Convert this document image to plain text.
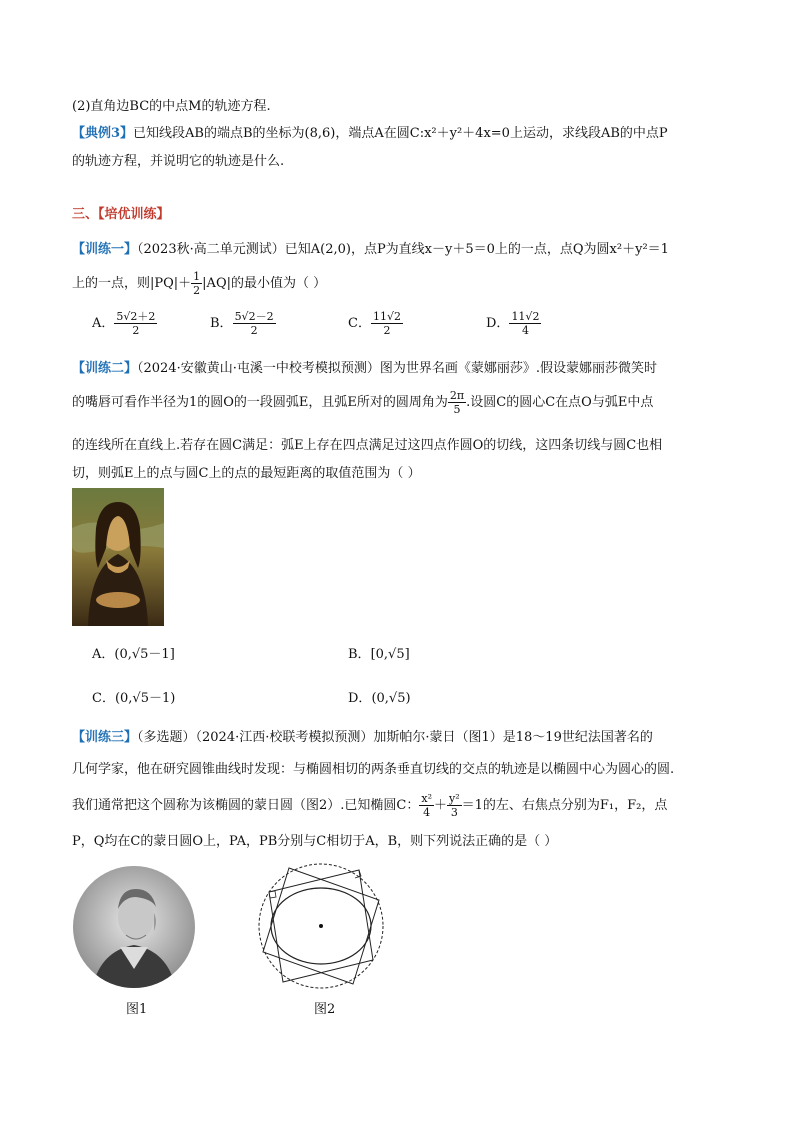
(2)直角边BC的中点M的轨迹方程.
【典例3】已知线段AB的端点B的坐标为(8,6)，端点A在圆C:x²＋y²＋4x=0上运动，求线段AB的中点P
的轨迹方程，并说明它的轨迹是什么.
三、【培优训练】
【训练一】（2023秋·高二单元测试）已知A(2,0)，点P为直线x－y＋5＝0上的一点，点Q为圆x²＋y²＝1
上的一点，则$|PQ|+ \frac{1}{2} |AQ|$的最小值为（ ）
A． $\frac{5√2+2}{2}$	B． $\frac{5√2-2}{2}$	C． $\frac{11√2}{2}$	D． $\frac{11√2}{4}$
【训练二】（2024·安徽黄山·屯溪一中校考模拟预测）图为世界名画《蒙娜丽莎》.假设蒙娜丽莎微笑时
的嘴唇可看作半径为1的圆O的一段圆弧E，且弧E所对的圆周角为 $\frac{2\pi}{5}$ .设圆C的圆心C在点O与弧E中点
的连线所在直线上.若存在圆C满足：弧E上存在四点满足过这四点作圆O的切线，这四条切线与圆C也相
切，则弧E上的点与圆C上的点的最短距离的取值范围为（ ）
A．(0,√5－1]	B．[0,√5]
C．(0,√5－1)	D．(0,√5)
【训练三】（多选题）（2024·江西·校联考模拟预测）加斯帕尔·蒙日（图1）是18～19世纪法国著名的
几何学家，他在研究圆锥曲线时发现：与椭圆相切的两条垂直切线的交点的轨迹是以椭圆中心为圆心的圆.
我们通常把这个圆称为该椭圆的蒙日圆（图2）.已知椭圆C： $\frac{\text{x²}}{4} + \frac{\text{y²}}{3} =1$的左、右焦点分别为F₁，F₂，点
P，Q均在C的蒙日圆O上，PA，PB分别与C相切于A，B，则下列说法正确的是（ ）
图1	图2
